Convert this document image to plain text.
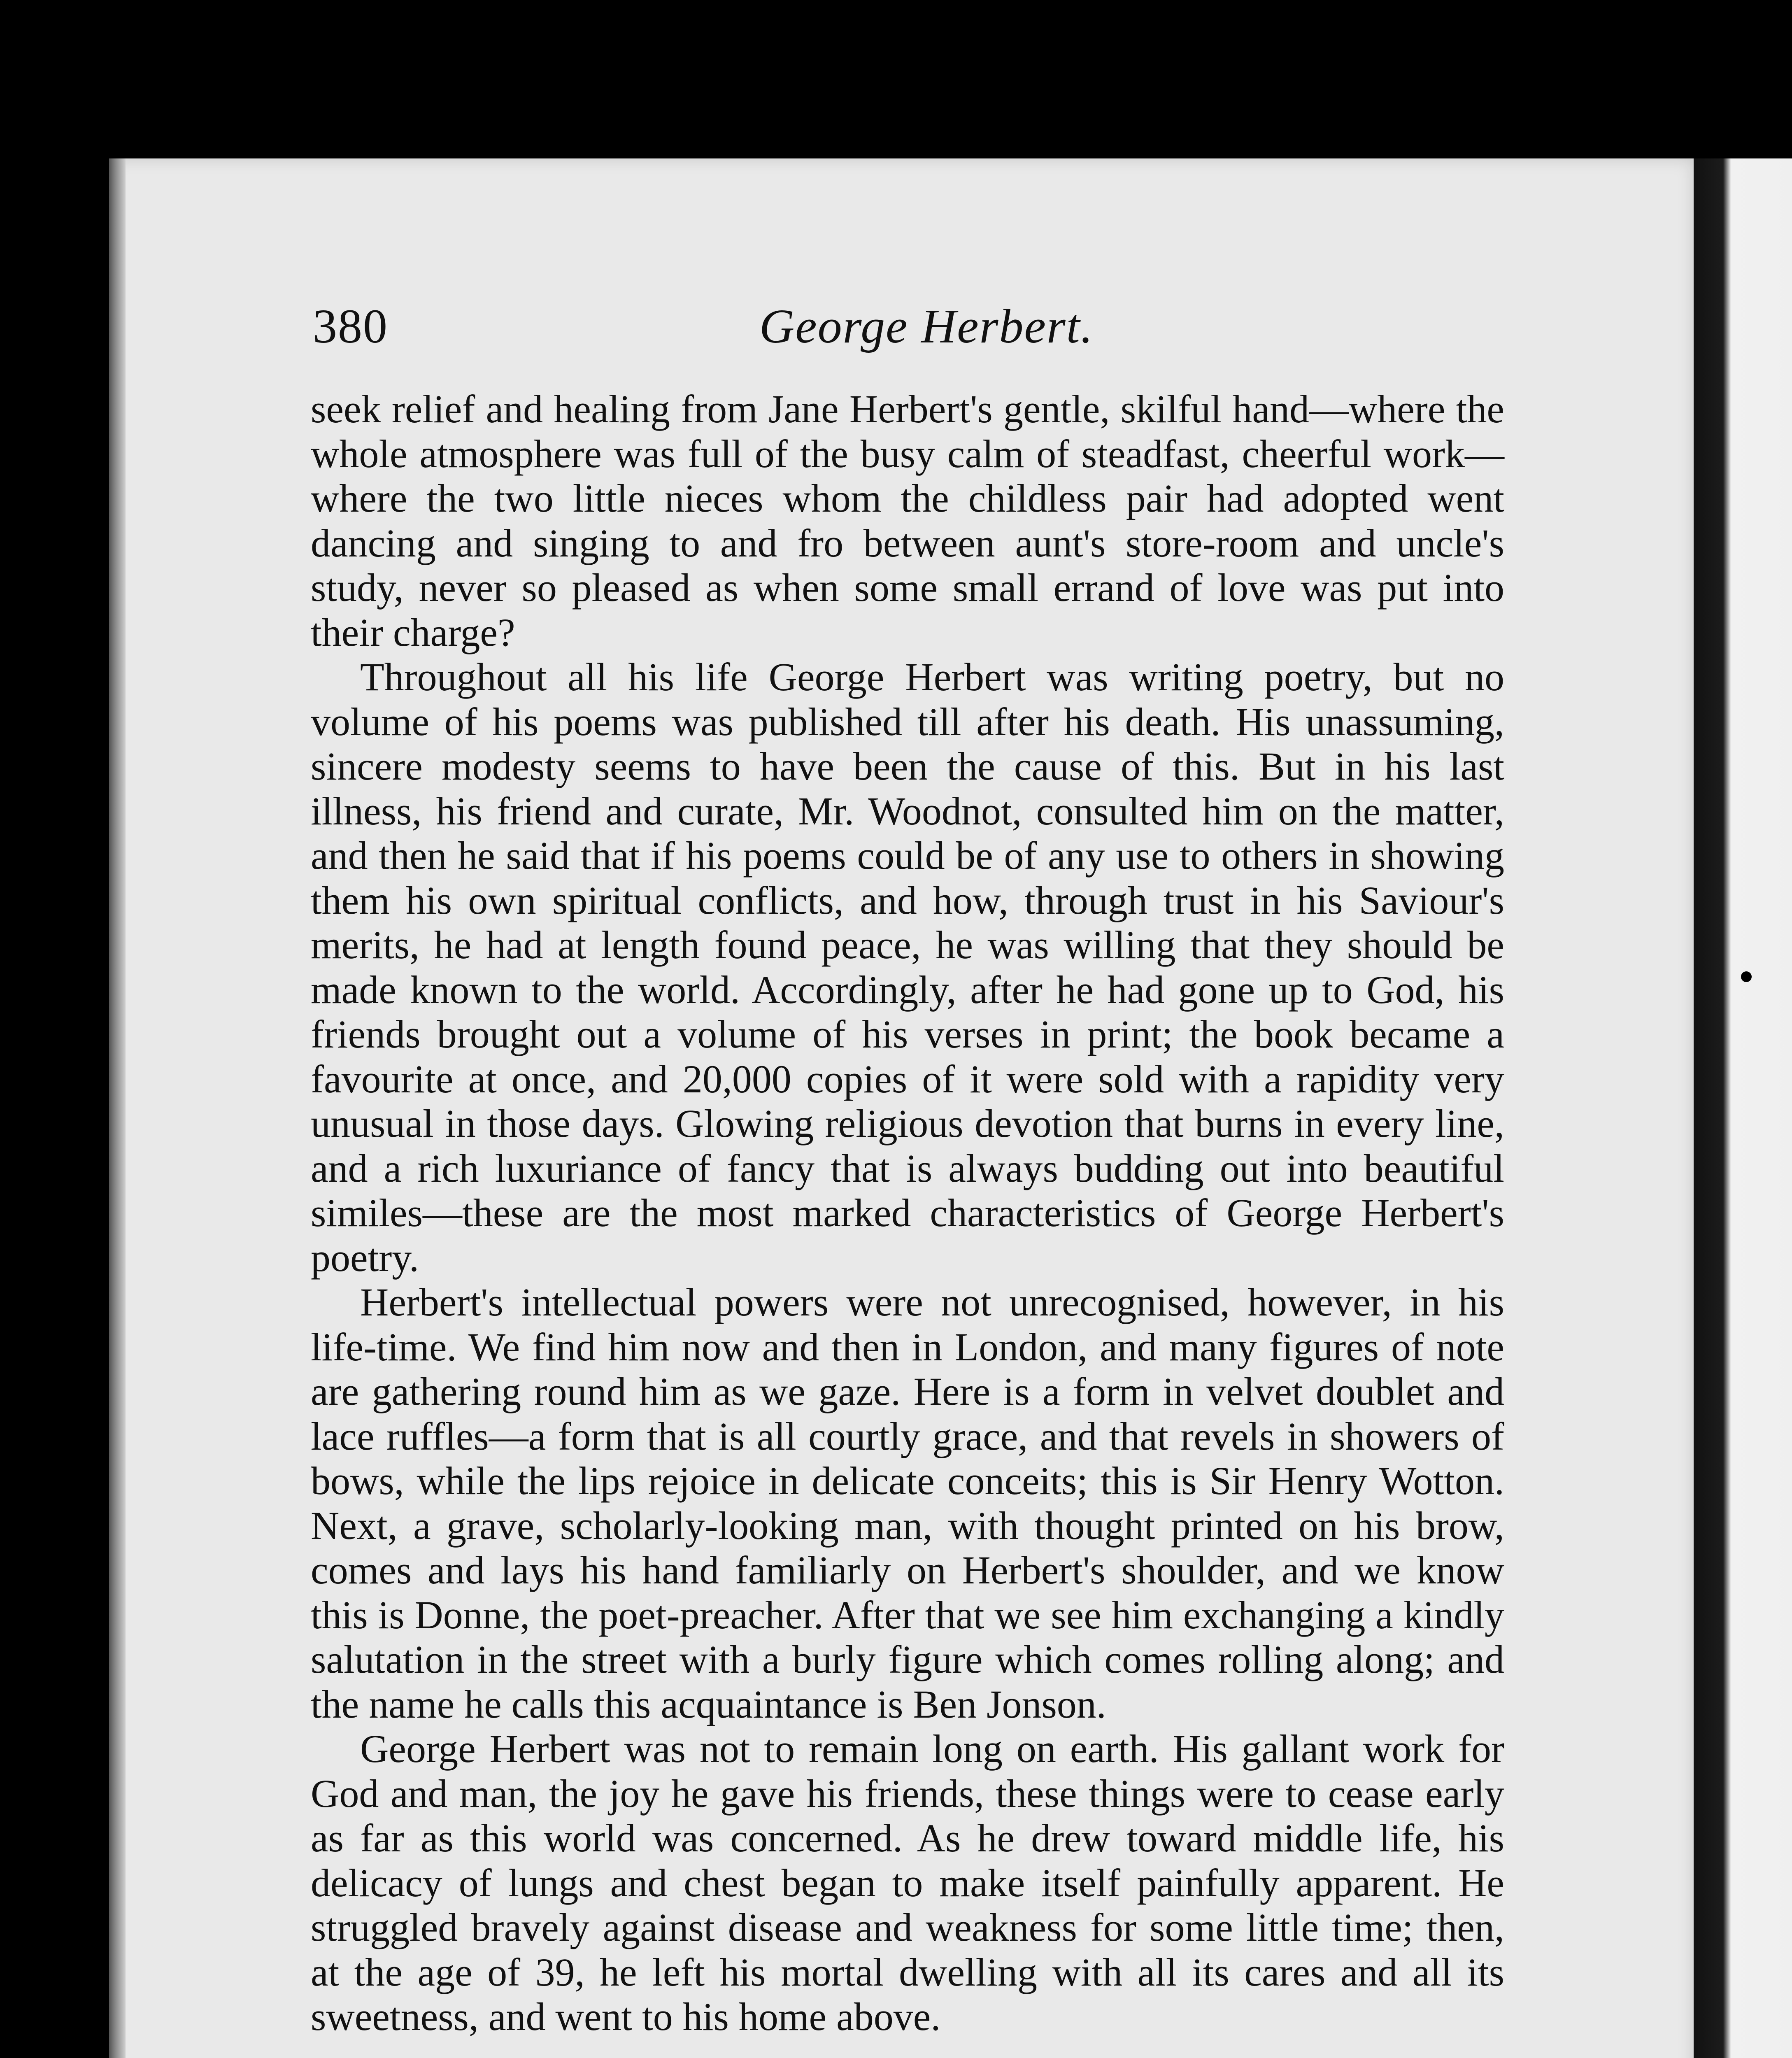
380	George Herbert.

seek relief and healing from Jane Herbert's gentle, skilful hand—where the whole atmosphere was full of the busy calm of steadfast, cheerful work—where the two little nieces whom the childless pair had adopted went dancing and singing to and fro between aunt's store-room and uncle's study, never so pleased as when some small errand of love was put into their charge?

Throughout all his life George Herbert was writing poetry, but no volume of his poems was published till after his death. His unassuming, sincere modesty seems to have been the cause of this. But in his last illness, his friend and curate, Mr. Woodnot, consulted him on the matter, and then he said that if his poems could be of any use to others in showing them his own spiritual conflicts, and how, through trust in his Saviour's merits, he had at length found peace, he was willing that they should be made known to the world. Accordingly, after he had gone up to God, his friends brought out a volume of his verses in print; the book became a favourite at once, and 20,000 copies of it were sold with a rapidity very unusual in those days. Glowing religious devotion that burns in every line, and a rich luxuriance of fancy that is always budding out into beautiful similes—these are the most marked characteristics of George Herbert's poetry.

Herbert's intellectual powers were not unrecognised, however, in his life-time. We find him now and then in London, and many figures of note are gathering round him as we gaze. Here is a form in velvet doublet and lace ruffles—a form that is all courtly grace, and that revels in showers of bows, while the lips rejoice in delicate conceits; this is Sir Henry Wotton. Next, a grave, scholarly-looking man, with thought printed on his brow, comes and lays his hand familiarly on Herbert's shoulder, and we know this is Donne, the poet-preacher. After that we see him exchanging a kindly salutation in the street with a burly figure which comes rolling along; and the name he calls this acquaintance is Ben Jonson.

George Herbert was not to remain long on earth. His gallant work for God and man, the joy he gave his friends, these things were to cease early as far as this world was concerned. As he drew toward middle life, his delicacy of lungs and chest began to make itself painfully apparent. He struggled bravely against disease and weakness for some little time; then, at the age of 39, he left his mortal dwelling with all its cares and all its sweetness, and went to his home above.
